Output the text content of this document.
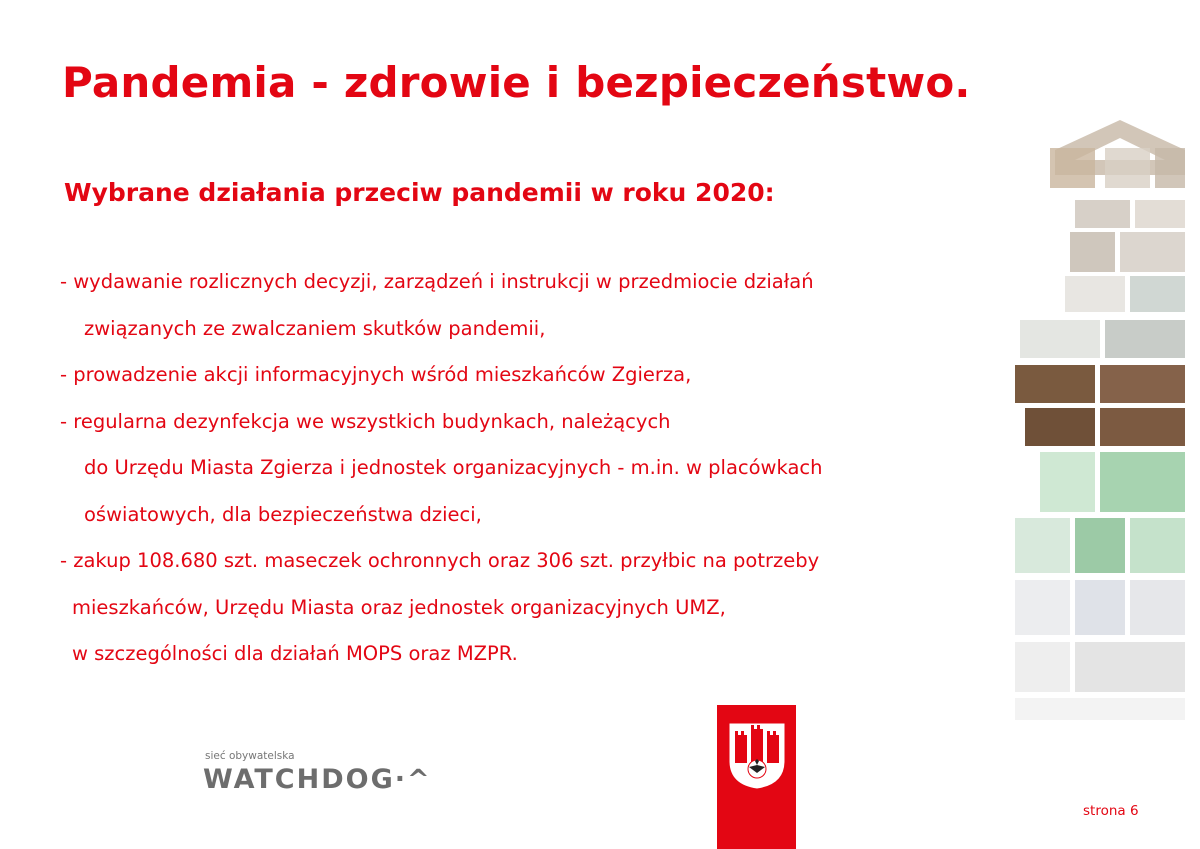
Pandemia - zdrowie i bezpieczeństwo.
Wybrane działania przeciw pandemii w roku 2020:
- wydawanie rozlicznych decyzji, zarządzeń i instrukcji w przedmiocie działań
związanych ze zwalczaniem skutków pandemii,
- prowadzenie akcji informacyjnych wśród mieszkańców Zgierza,
- regularna dezynfekcja we wszystkich budynkach, należących
do Urzędu Miasta Zgierza i jednostek organizacyjnych - m.in. w placówkach
oświatowych, dla bezpieczeństwa dzieci,
- zakup 108.680 szt. maseczek ochronnych oraz 306 szt. przyłbic na potrzeby
mieszkańców, Urzędu Miasta oraz jednostek organizacyjnych UMZ,
w szczególności dla działań MOPS oraz MZPR.
sieć obywatelska
WATCHDOG·^
strona 6
